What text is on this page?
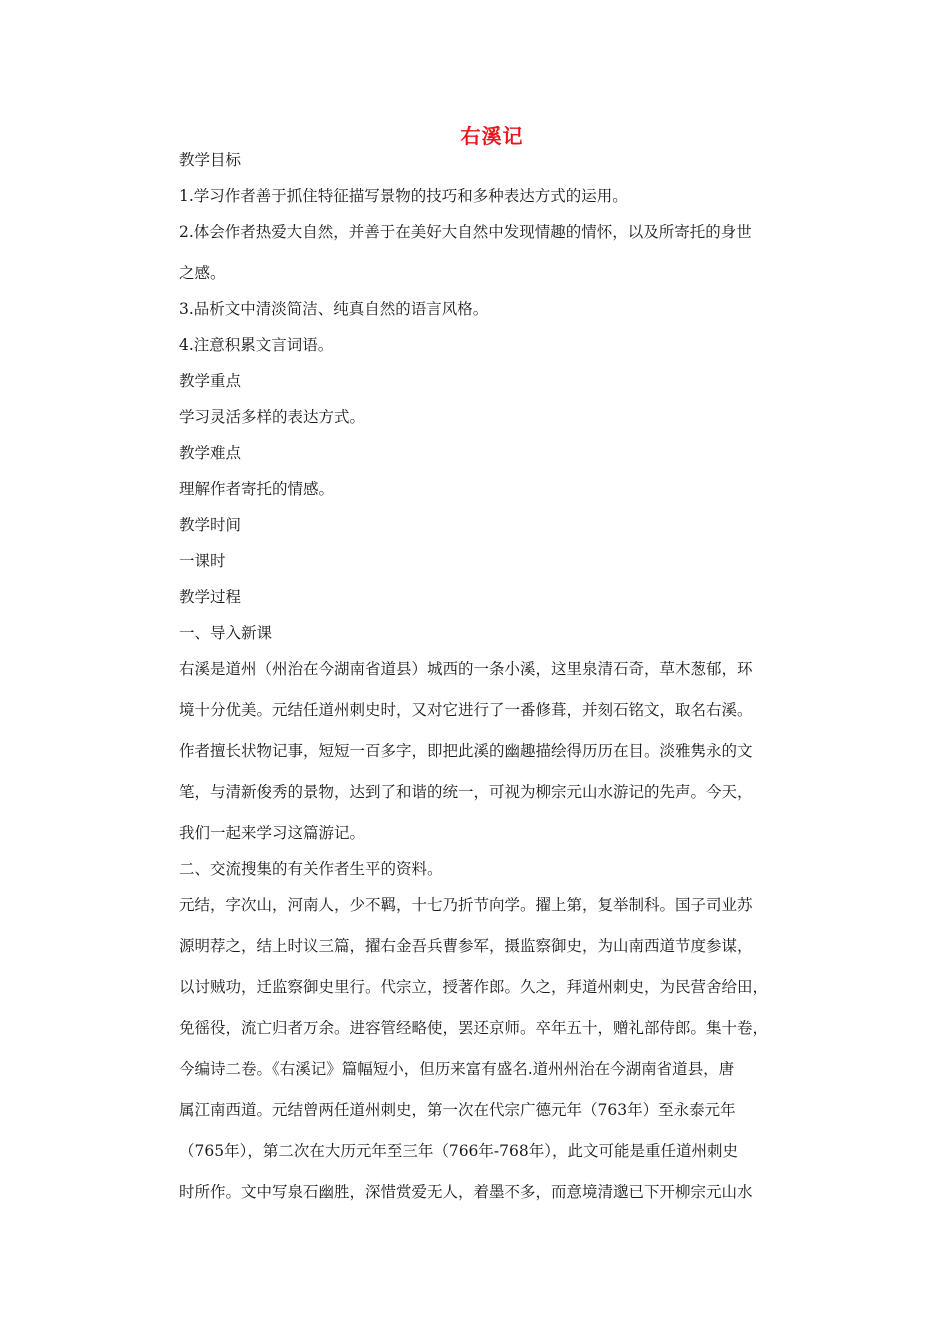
右溪记
教学目标
1.学习作者善于抓住特征描写景物的技巧和多种表达方式的运用。
2.体会作者热爱大自然，并善于在美好大自然中发现情趣的情怀，以及所寄托的身世
之感。
3.品析文中清淡简洁、纯真自然的语言风格。
4.注意积累文言词语。
教学重点
学习灵活多样的表达方式。
教学难点
理解作者寄托的情感。
教学时间
一课时
教学过程
一、导入新课
右溪是道州（州治在今湖南省道县）城西的一条小溪，这里泉清石奇，草木葱郁，环
境十分优美。元结任道州刺史时，又对它进行了一番修葺，并刻石铭文，取名右溪。
作者擅长状物记事，短短一百多字，即把此溪的幽趣描绘得历历在目。淡雅隽永的文
笔，与清新俊秀的景物，达到了和谐的统一，可视为柳宗元山水游记的先声。今天，
我们一起来学习这篇游记。
二、交流搜集的有关作者生平的资料。
元结，字次山，河南人，少不羁，十七乃折节向学。擢上第，复举制科。国子司业苏
源明荐之，结上时议三篇，擢右金吾兵曹参军，摄监察御史，为山南西道节度参谋，
以讨贼功，迁监察御史里行。代宗立，授著作郎。久之，拜道州刺史，为民营舍给田，
免徭役，流亡归者万余。进容管经略使，罢还京师。卒年五十，赠礼部侍郎。集十卷，
今编诗二卷。《右溪记》篇幅短小，但历来富有盛名.道州州治在今湖南省道县，唐
属江南西道。元结曾两任道州刺史，第一次在代宗广德元年（763年）至永泰元年
（765年），第二次在大历元年至三年（766年-768年），此文可能是重任道州刺史
时所作。文中写泉石幽胜，深惜赏爱无人，着墨不多，而意境清邈已下开柳宗元山水
